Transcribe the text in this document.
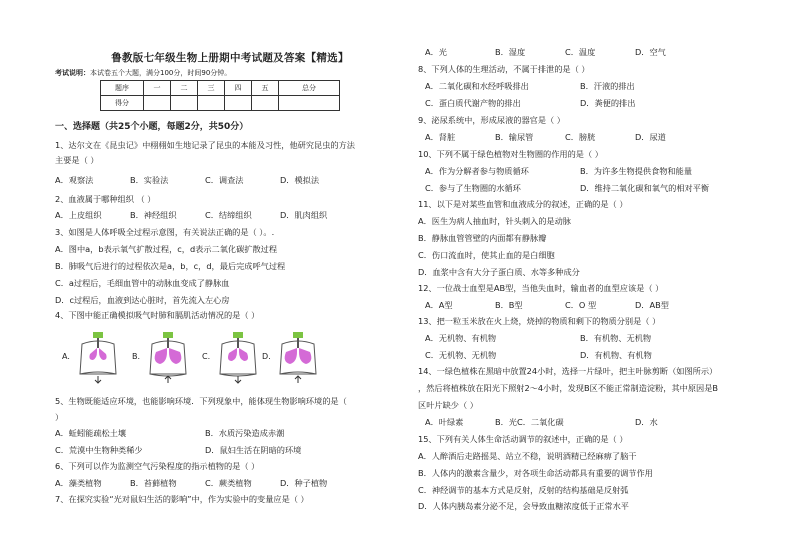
鲁教版七年级生物上册期中考试题及答案【精选】
考试说明：本试卷五个大题，满分100分，时间90分钟。
题序	一	二	三	四	五	总分
得分						
一、选择题（共25个小题，每题2分，共50分）
A.	B.	C.	D.
1、达尔文在《昆虫记》中栩栩如生地记录了昆虫的本能及习性，他研究昆虫的方法
主要是（ ）
2、血液属于哪种组织 （ ）
3、如图是人体呼吸全过程示意图，有关说法正确的是（ ）。.
A．图中a，b表示氧气扩散过程，c，d表示二氧化碳扩散过程
B．肺吸气后进行的过程依次是a，b，c，d，最后完成呼气过程
C．a过程后，毛细血管中的动脉血变成了静脉血
D．c过程后，血液到达心脏时，首先流入左心房
4、下图中能正确模拟吸气时肺和膈肌活动情况的是（ ）
5、生物既能适应环境，也能影响环境．下列现象中，能体现生物影响环境的是（
）
6、下列可以作为监测空气污染程度的指示植物的是（ ）
7、在探究实验“光对鼠妇生活的影响”中，作为实验中的变量应是（ ）
A．观察法	B．实验法	C．调查法	D．模拟法
A．上皮组织	B．神经组织	C．结缔组织	D．肌肉组织
A．蚯蚓能疏松土壤	B．水质污染造成赤潮
C．荒漠中生物种类稀少	D．鼠妇生活在阴暗的环境
A．藻类植物	B．苔藓植物	C．蕨类植物	D．种子植物
8、下列人体的生理活动，不属于排泄的是（ ）
9、泌尿系统中，形成尿液的器官是（ ）
10、下列不属于绿色植物对生物圈的作用的是（ ）
11、以下是对某些血管和血液成分的叙述，正确的是（ ）
A．医生为病人抽血时，针头刺入的是动脉
B．静脉血管管壁的内面都有静脉瓣
C．伤口流血时，使其止血的是白细胞
D．血浆中含有大分子蛋白质、水等多种成分
12、一位战士血型是AB型，当他失血时，输血者的血型应该是（ ）
13、把一粒玉米放在火上烧，烧掉的物质和剩下的物质分别是（ ）
14、一绿色植株在黑暗中放置24小时，选择一片绿叶，把主叶脉剪断（如图所示）
，然后将植株放在阳光下照射2～4小时，发现B区不能正常制造淀粉，其中原因是B
区叶片缺少（ ）
15、下列有关人体生命活动调节的叙述中，正确的是（ ）
A．人醉酒后走路摇晃、站立不稳，说明酒精已经麻痹了脑干
B．人体内的激素含量少，对各项生命活动都具有重要的调节作用
C．神经调节的基本方式是反射，反射的结构基础是反射弧
D．人体内胰岛素分泌不足，会导致血糖浓度低于正常水平
A．光	B．湿度	C．温度	D．空气
A．二氧化碳和水经呼吸排出	B．汗液的排出
C．蛋白质代谢产物的排出	D．粪便的排出
A．肾脏	B．输尿管	C．膀胱	D．尿道
A．作为分解者参与物质循环	B．为许多生物提供食物和能量
C．参与了生物圈的水循环	D．维持二氧化碳和氧气的相对平衡
A．A型	B．B型	C．O 型	D．AB型
A．无机物、有机物	B．有机物、无机物
C．无机物、无机物	D．有机物、有机物
A．叶绿素	B．光C．二氧化碳	D．水
